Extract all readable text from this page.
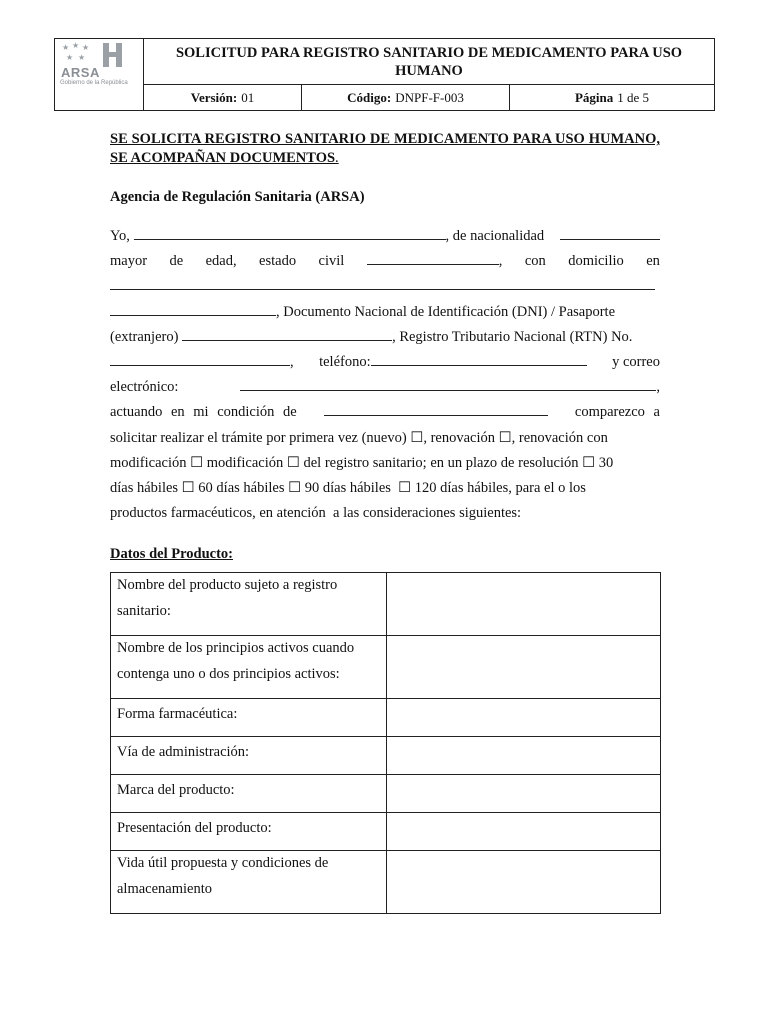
★ ★ ★
★ ★
ARSA
Gobierno de la República
SOLICITUD PARA REGISTRO SANITARIO DE MEDICAMENTO PARA USO HUMANO
Versión: 01	Código: DNPF-F-003	Página 1 de 5
SE SOLICITA REGISTRO SANITARIO DE MEDICAMENTO PARA USO HUMANO, SE ACOMPAÑAN DOCUMENTOS.
Agencia de Regulación Sanitaria (ARSA)
Yo,	, de nacionalidad
mayor de edad, estado civil	, con domicilio en
, Documento Nacional de Identificación (DNI) / Pasaporte
(extranjero)
	, Registro Tributario Nacional (RTN) No.
, teléfono:	y correo
electrónico:	,
actuando en mi condición de	comparezco a
solicitar realizar el trámite por primera vez (nuevo) ☐, renovación ☐, renovación con
modificación ☐ modificación ☐ del registro sanitario; en un plazo de resolución ☐ 30
días hábiles ☐ 60 días hábiles ☐ 90 días hábiles  ☐ 120 días hábiles, para el o los
productos farmacéuticos, en atención  a las consideraciones siguientes:
Datos del Producto:
Nombre del producto sujeto a registro sanitario:	
Nombre de los principios activos cuando contenga uno o dos principios activos:	
Forma farmacéutica:	
Vía de administración:	
Marca del producto:	
Presentación del producto:	
Vida útil propuesta y condiciones de almacenamiento	
